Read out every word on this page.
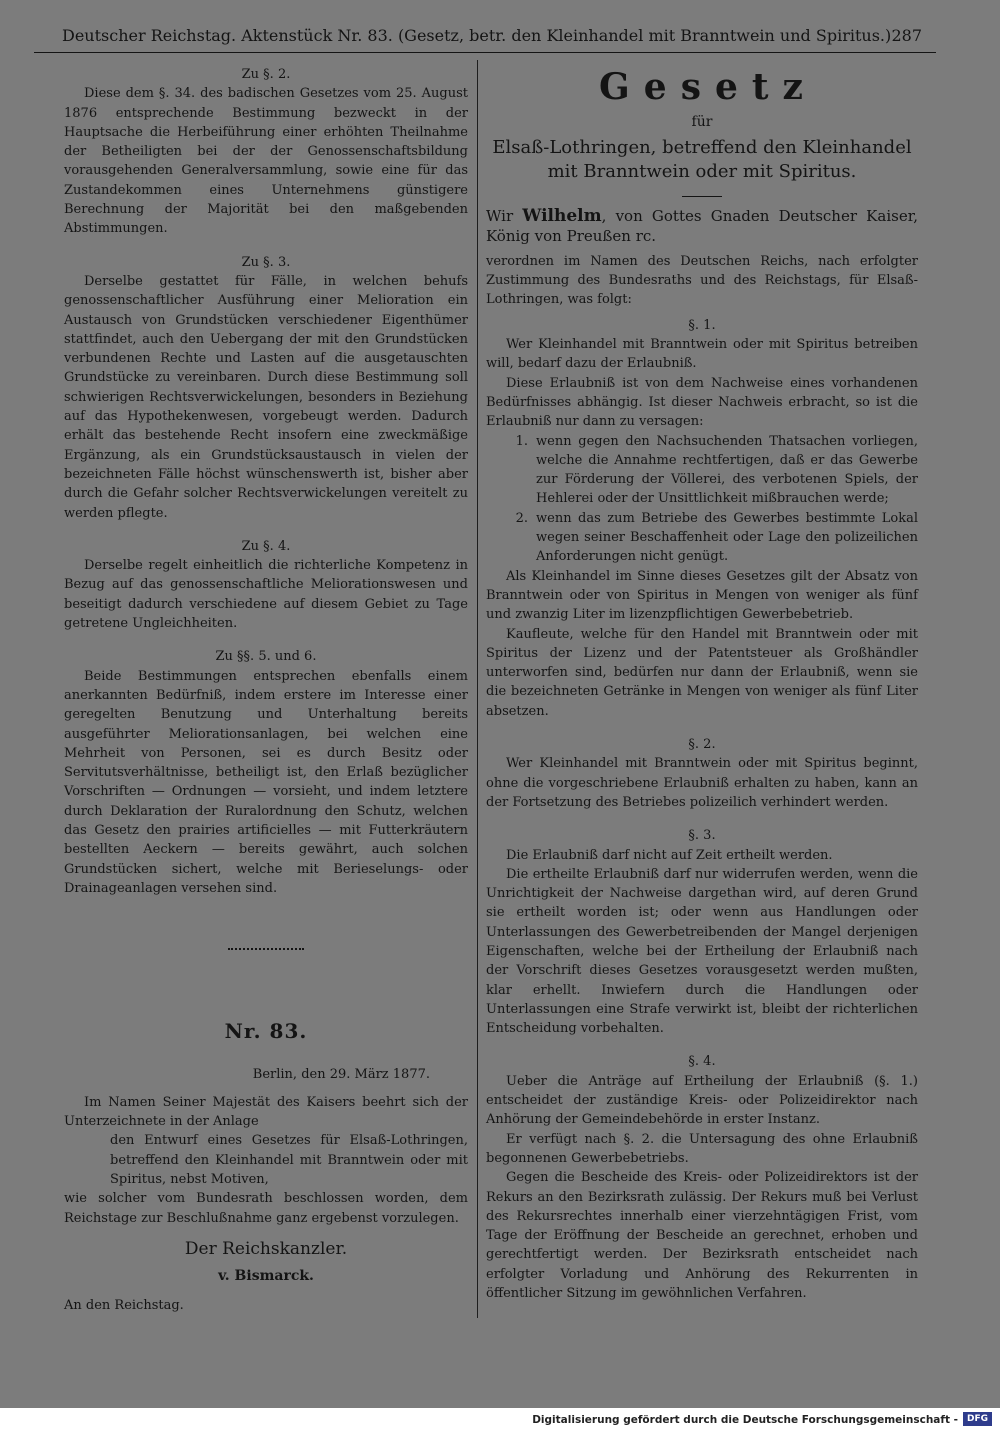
Deutscher Reichstag. Aktenstück Nr. 83. (Gesetz, betr. den Kleinhandel mit Branntwein und Spiritus.) 287

Zu §. 2.

Diese dem §. 34. des badischen Gesetzes vom 25. August 1876 entsprechende Bestimmung bezweckt in der Hauptsache die Herbeiführung einer erhöhten Theilnahme der Betheiligten bei der der Genossenschaftsbildung vorausgehenden Generalversammlung, sowie eine für das Zustandekommen eines Unternehmens günstigere Berechnung der Majorität bei den maßgebenden Abstimmungen.

Zu §. 3.

Derselbe gestattet für Fälle, in welchen behufs genossenschaftlicher Ausführung einer Melioration ein Austausch von Grundstücken verschiedener Eigenthümer stattfindet, auch den Uebergang der mit den Grundstücken verbundenen Rechte und Lasten auf die ausgetauschten Grundstücke zu vereinbaren. Durch diese Bestimmung soll schwierigen Rechtsverwickelungen, besonders in Beziehung auf das Hypothekenwesen, vorgebeugt werden. Dadurch erhält das bestehende Recht insofern eine zweckmäßige Ergänzung, als ein Grundstücksaustausch in vielen der bezeichneten Fälle höchst wünschenswerth ist, bisher aber durch die Gefahr solcher Rechtsverwickelungen vereitelt zu werden pflegte.

Zu §. 4.

Derselbe regelt einheitlich die richterliche Kompetenz in Bezug auf das genossenschaftliche Meliorationswesen und beseitigt dadurch verschiedene auf diesem Gebiet zu Tage getretene Ungleichheiten.

Zu §§. 5. und 6.

Beide Bestimmungen entsprechen ebenfalls einem anerkannten Bedürfniß, indem erstere im Interesse einer geregelten Benutzung und Unterhaltung bereits ausgeführter Meliorationsanlagen, bei welchen eine Mehrheit von Personen, sei es durch Besitz oder Servitutsverhältnisse, betheiligt ist, den Erlaß bezüglicher Vorschriften — Ordnungen — vorsieht, und indem letztere durch Deklaration der Ruralordnung den Schutz, welchen das Gesetz den prairies artificielles — mit Futterkräutern bestellten Aeckern — bereits gewährt, auch solchen Grundstücken sichert, welche mit Berieselungs- oder Drainageanlagen versehen sind.

Nr. 83.

Berlin, den 29. März 1877.

Im Namen Seiner Majestät des Kaisers beehrt sich der Unterzeichnete in der Anlage

den Entwurf eines Gesetzes für Elsaß-Lothringen, betreffend den Kleinhandel mit Branntwein oder mit Spiritus, nebst Motiven,

wie solcher vom Bundesrath beschlossen worden, dem Reichstage zur Beschlußnahme ganz ergebenst vorzulegen.

Der Reichskanzler.

v. Bismarck.

An den Reichstag.

Gesetz

für

Elsaß-Lothringen, betreffend den Kleinhandel mit Branntwein oder mit Spiritus.

Wir Wilhelm, von Gottes Gnaden Deutscher Kaiser, König von Preußen rc.

verordnen im Namen des Deutschen Reichs, nach erfolgter Zustimmung des Bundesraths und des Reichstags, für Elsaß-Lothringen, was folgt:

§. 1.

Wer Kleinhandel mit Branntwein oder mit Spiritus betreiben will, bedarf dazu der Erlaubniß.

Diese Erlaubniß ist von dem Nachweise eines vorhandenen Bedürfnisses abhängig. Ist dieser Nachweis erbracht, so ist die Erlaubniß nur dann zu versagen:

1. wenn gegen den Nachsuchenden Thatsachen vorliegen, welche die Annahme rechtfertigen, daß er das Gewerbe zur Förderung der Völlerei, des verbotenen Spiels, der Hehlerei oder der Unsittlichkeit mißbrauchen werde;
2. wenn das zum Betriebe des Gewerbes bestimmte Lokal wegen seiner Beschaffenheit oder Lage den polizeilichen Anforderungen nicht genügt.

Als Kleinhandel im Sinne dieses Gesetzes gilt der Absatz von Branntwein oder von Spiritus in Mengen von weniger als fünf und zwanzig Liter im lizenzpflichtigen Gewerbebetrieb.

Kaufleute, welche für den Handel mit Branntwein oder mit Spiritus der Lizenz und der Patentsteuer als Großhändler unterworfen sind, bedürfen nur dann der Erlaubniß, wenn sie die bezeichneten Getränke in Mengen von weniger als fünf Liter absetzen.

§. 2.

Wer Kleinhandel mit Branntwein oder mit Spiritus beginnt, ohne die vorgeschriebene Erlaubniß erhalten zu haben, kann an der Fortsetzung des Betriebes polizeilich verhindert werden.

§. 3.

Die Erlaubniß darf nicht auf Zeit ertheilt werden.

Die ertheilte Erlaubniß darf nur widerrufen werden, wenn die Unrichtigkeit der Nachweise dargethan wird, auf deren Grund sie ertheilt worden ist; oder wenn aus Handlungen oder Unterlassungen des Gewerbetreibenden der Mangel derjenigen Eigenschaften, welche bei der Ertheilung der Erlaubniß nach der Vorschrift dieses Gesetzes vorausgesetzt werden mußten, klar erhellt. Inwiefern durch die Handlungen oder Unterlassungen eine Strafe verwirkt ist, bleibt der richterlichen Entscheidung vorbehalten.

§. 4.

Ueber die Anträge auf Ertheilung der Erlaubniß (§. 1.) entscheidet der zuständige Kreis- oder Polizeidirektor nach Anhörung der Gemeindebehörde in erster Instanz.

Er verfügt nach §. 2. die Untersagung des ohne Erlaubniß begonnenen Gewerbebetriebs.

Gegen die Bescheide des Kreis- oder Polizeidirektors ist der Rekurs an den Bezirksrath zulässig. Der Rekurs muß bei Verlust des Rekursrechtes innerhalb einer vierzehntägigen Frist, vom Tage der Eröffnung der Bescheide an gerechnet, erhoben und gerechtfertigt werden. Der Bezirksrath entscheidet nach erfolgter Vorladung und Anhörung des Rekurrenten in öffentlicher Sitzung im gewöhnlichen Verfahren.

Digitalisierung gefördert durch die Deutsche Forschungsgemeinschaft - DFG
